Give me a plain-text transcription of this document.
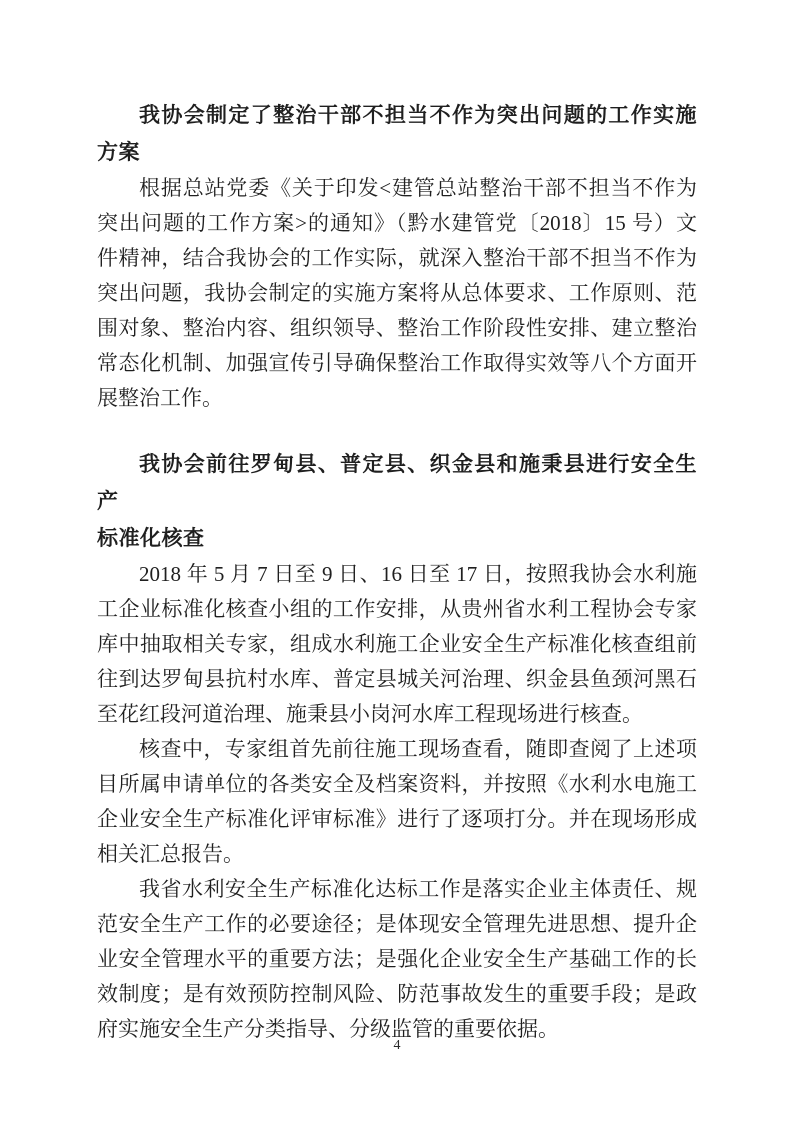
我协会制定了整治干部不担当不作为突出问题的工作实施
方案
根据总站党委《关于印发<建管总站整治干部不担当不作为
突出问题的工作方案>的通知》（黔水建管党〔2018〕15 号）文
件精神，结合我协会的工作实际，就深入整治干部不担当不作为
突出问题，我协会制定的实施方案将从总体要求、工作原则、范
围对象、整治内容、组织领导、整治工作阶段性安排、建立整治
常态化机制、加强宣传引导确保整治工作取得实效等八个方面开
展整治工作。
我协会前往罗甸县、普定县、织金县和施秉县进行安全生产
标准化核查
2018 年 5 月 7 日至 9 日、16 日至 17 日，按照我协会水利施
工企业标准化核查小组的工作安排，从贵州省水利工程协会专家
库中抽取相关专家，组成水利施工企业安全生产标准化核查组前
往到达罗甸县抗村水库、普定县城关河治理、织金县鱼颈河黑石
至花红段河道治理、施秉县小岗河水库工程现场进行核查。
核查中，专家组首先前往施工现场查看，随即查阅了上述项
目所属申请单位的各类安全及档案资料，并按照《水利水电施工
企业安全生产标准化评审标准》进行了逐项打分。并在现场形成
相关汇总报告。
我省水利安全生产标准化达标工作是落实企业主体责任、规
范安全生产工作的必要途径；是体现安全管理先进思想、提升企
业安全管理水平的重要方法；是强化企业安全生产基础工作的长
效制度；是有效预防控制风险、防范事故发生的重要手段；是政
府实施安全生产分类指导、分级监管的重要依据。
4
